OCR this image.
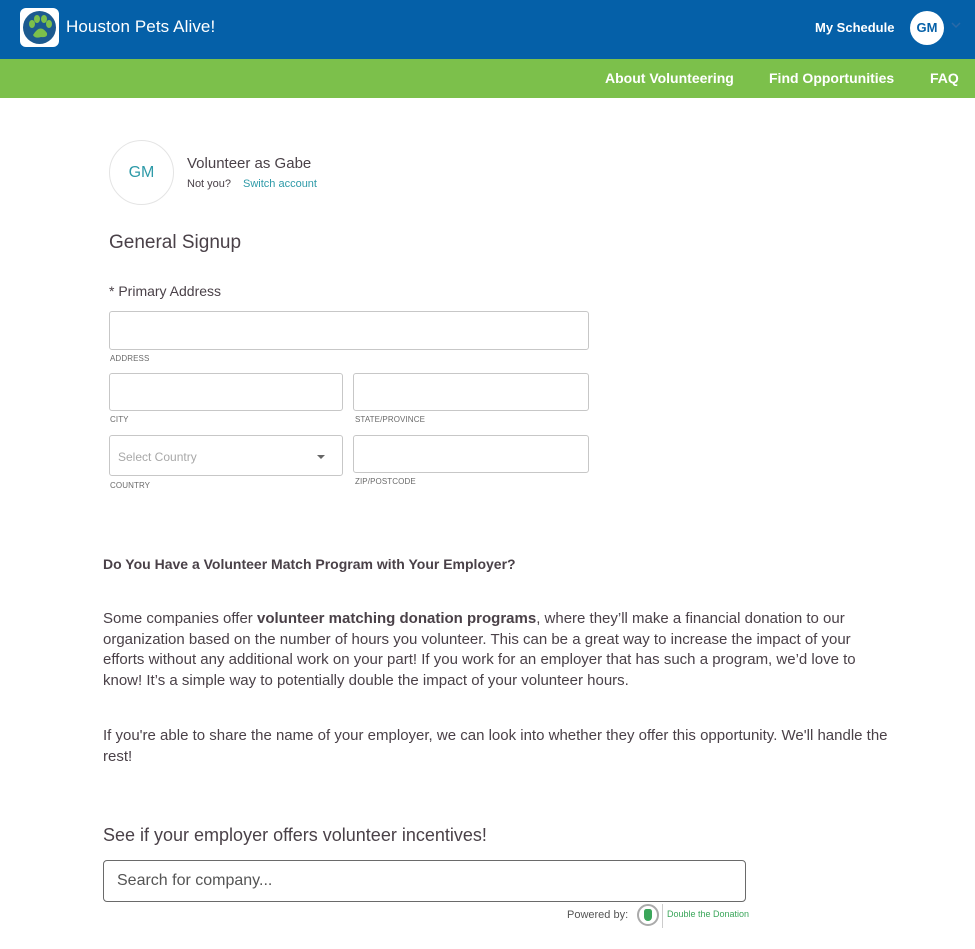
Houston Pets Alive!	My Schedule	GM
About Volunteering	Find Opportunities	FAQ
GM
Volunteer as Gabe
Not you? Switch account
General Signup
* Primary Address
ADDRESS
CITY	STATE/PROVINCE
Select Country
COUNTRY	ZIP/POSTCODE
Do You Have a Volunteer Match Program with Your Employer?
Some companies offer volunteer matching donation programs, where they’ll make a financial donation to our organization based on the number of hours you volunteer. This can be a great way to increase the impact of your efforts without any additional work on your part! If you work for an employer that has such a program, we’d love to know! It’s a simple way to potentially double the impact of your volunteer hours.
If you're able to share the name of your employer, we can look into whether they offer this opportunity. We'll handle the rest!
See if your employer offers volunteer incentives!
Search for company...
Powered by:	Double the Donation
